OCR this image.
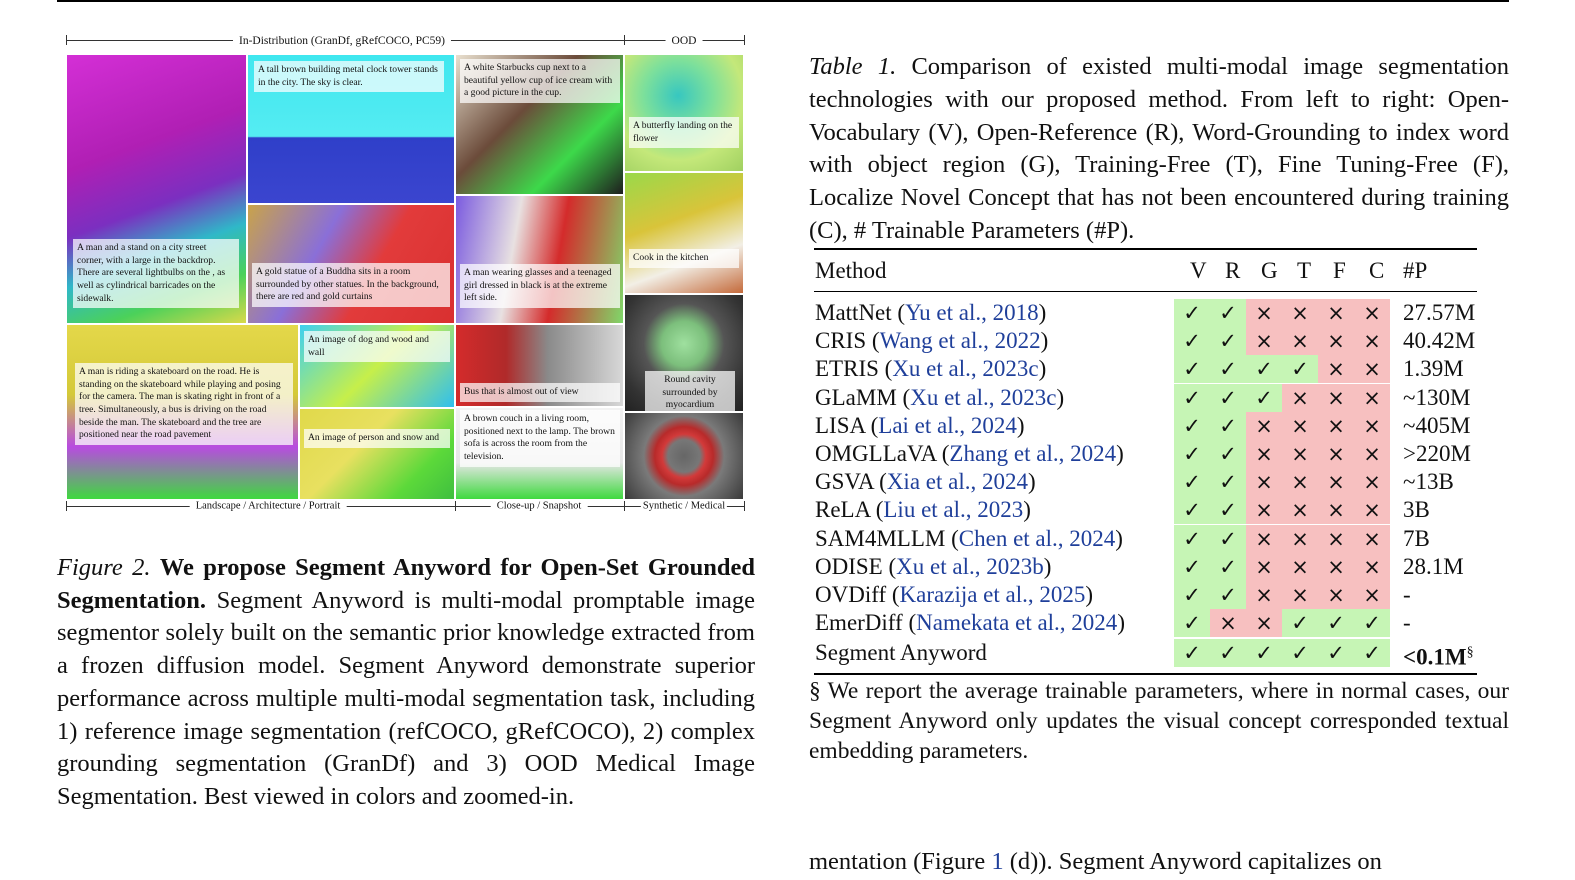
In-Distribution (GranDf, gRefCOCO, PC59)	OOD
A man and a stand on a city street corner, with a large in the backdrop. There are several lightbulbs on the , as well as cylindrical barricades on the sidewalk.
A tall brown building metal clock tower stands in the city. The sky is clear.
A white Starbucks cup next to a beautiful yellow cup of ice cream with a good picture in the cup.
A butterfly landing on the flower
A gold statue of a Buddha sits in a room surrounded by other statues. In the background, there are red and gold curtains
A man wearing glasses and a teenaged girl dressed in black is at the extreme left side.
Cook in the kitchen
A man is riding a skateboard on the road. He is standing on the skateboard while playing and posing for the camera. The man is skating right in front of a tree. Simultaneously, a bus is driving on the road beside the man. The skateboard and the tree are positioned near the road pavement
An image of dog and wood and wall
An image of person and snow and
Bus that is almost out of view
A brown couch in a living room, positioned next to the lamp. The brown sofa is across the room from the television.
Round cavity surrounded by myocardium
Landscape / Architecture / Portrait	Close-up / Snapshot	Synthetic / Medical
Figure 2. We propose Segment Anyword for Open-Set Grounded Segmentation. Segment Anyword is multi-modal promptable image segmentor solely built on the semantic prior knowledge extracted from a frozen diffusion model. Segment Anyword demonstrate superior performance across multiple multi-modal segmentation task, including 1) reference image segmentation (refCOCO, gRefCOCO), 2) complex grounding segmentation (GranDf) and 3) OOD Medical Image Segmentation. Best viewed in colors and zoomed-in.
Table 1. Comparison of existed multi-modal image segmentation technologies with our proposed method. From left to right: Open-Vocabulary (V), Open-Reference (R), Word-Grounding to index word with object region (G), Training-Free (T), Fine Tuning-Free (F), Localize Novel Concept that has not been encountered during training (C), # Trainable Parameters (#P).
Method	V R G T F C #P
MattNet (Yu et al., 2018)	✓ ✓ × × × × 27.57M
CRIS (Wang et al., 2022)	✓ ✓ × × × × 40.42M
ETRIS (Xu et al., 2023c)	✓ ✓ ✓ ✓ × × 1.39M
GLaMM (Xu et al., 2023c)	✓ ✓ ✓ × × × ~130M
LISA (Lai et al., 2024)	✓ ✓ × × × × ~405M
OMGLLaVA (Zhang et al., 2024)	✓ ✓ × × × × >220M
GSVA (Xia et al., 2024)	✓ ✓ × × × × ~13B
ReLA (Liu et al., 2023)	✓ ✓ × × × × 3B
SAM4MLLM (Chen et al., 2024)	✓ ✓ × × × × 7B
ODISE (Xu et al., 2023b)	✓ ✓ × × × × 28.1M
OVDiff (Karazija et al., 2025)	✓ ✓ × × × × -
EmerDiff (Namekata et al., 2024)	✓ × × ✓ ✓ ✓ -
Segment Anyword	✓ ✓ ✓ ✓ ✓ ✓ <0.1M§
§ We report the average trainable parameters, where in normal cases, our Segment Anyword only updates the visual concept corresponded textual embedding parameters.
mentation (Figure 1 (d)). Segment Anyword capitalizes on
